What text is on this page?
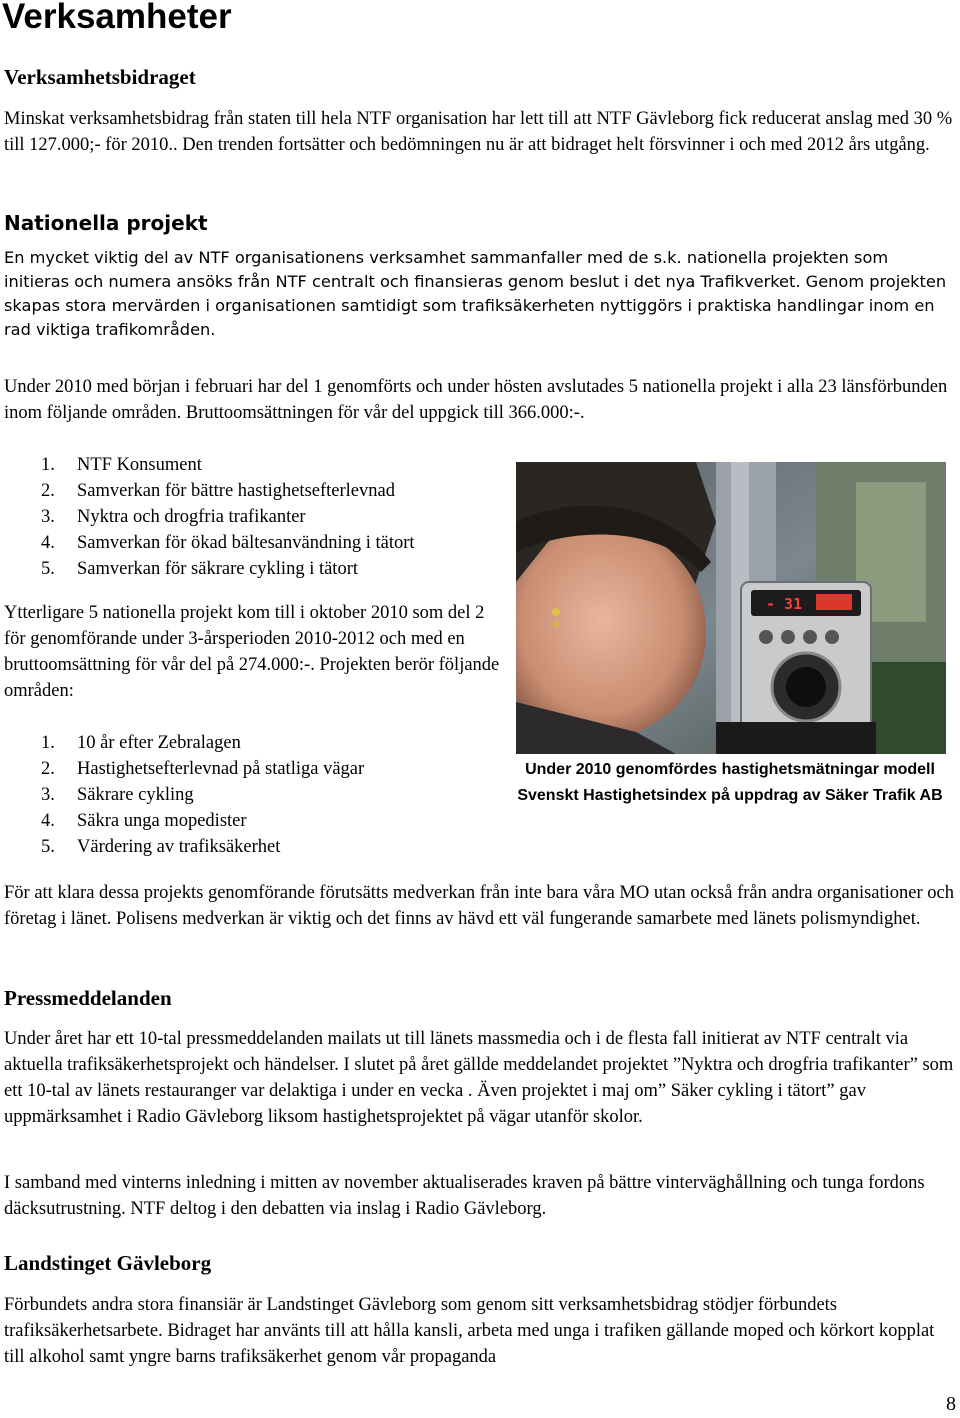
Verksamheter
Verksamhetsbidraget

Minskat verksamhetsbidrag från staten till hela NTF organisation har lett till att NTF Gävleborg fick reducerat anslag med 30 % till 127.000;- för 2010.. Den trenden fortsätter och bedömningen nu är att bidraget helt försvinner i och med 2012 års utgång.

Nationella projekt

En mycket viktig del av NTF organisationens verksamhet sammanfaller med de s.k. nationella projekten som initieras och numera ansöks från NTF centralt och finansieras genom beslut i det nya Trafikverket. Genom projekten skapas stora mervärden i organisationen samtidigt som trafiksäkerheten nyttiggörs i praktiska handlingar inom en rad viktiga trafikområden.

Under 2010 med början i februari har del 1 genomförts och under hösten avslutades 5 nationella projekt i alla 23 länsförbunden inom följande områden. Bruttoomsättningen för vår del uppgick till 366.000:-.

1. NTF Konsument
2. Samverkan för bättre hastighetsefterlevnad
3. Nyktra och drogfria trafikanter
4. Samverkan för ökad bältesanvändning i tätort
5. Samverkan för säkrare cykling i tätort

Ytterligare 5 nationella projekt kom till i oktober 2010 som del 2 för genomförande under 3-årsperioden 2010-2012 och med en bruttoomsättning för vår del på 274.000:-. Projekten berör följande områden:

1. 10 år efter Zebralagen
2. Hastighetsefterlevnad på statliga vägar
3. Säkrare cykling
4. Säkra unga mopedister
5. Värdering av trafiksäkerhet
- 31
Under 2010 genomfördes hastighetsmätningar modell Svenskt Hastighetsindex på uppdrag av Säker Trafik AB

För att klara dessa projekts genomförande förutsätts medverkan från inte bara våra MO utan också från andra organisationer och företag i länet. Polisens medverkan är viktig och det finns av hävd ett väl fungerande samarbete med länets polismyndighet.

Pressmeddelanden

Under året har ett 10-tal pressmeddelanden mailats ut till länets massmedia och i de flesta fall initierat av NTF centralt via aktuella trafiksäkerhetsprojekt och händelser. I slutet på året gällde meddelandet projektet ”Nyktra och drogfria trafikanter” som ett 10-tal av länets restauranger var delaktiga i under en vecka . Även projektet i maj om” Säker cykling i tätort” gav uppmärksamhet i Radio Gävleborg liksom hastighetsprojektet på vägar utanför skolor.

I samband med vinterns inledning i mitten av november aktualiserades kraven på bättre vinterväghållning och tunga fordons däcksutrustning. NTF deltog i den debatten via inslag i Radio Gävleborg.

Landstinget Gävleborg

Förbundets andra stora finansiär är Landstinget Gävleborg som genom sitt verksamhetsbidrag stödjer förbundets trafiksäkerhetsarbete. Bidraget har använts till att hålla kansli, arbeta med unga i trafiken gällande moped och körkort kopplat till alkohol samt yngre barns trafiksäkerhet genom vår propaganda

8
